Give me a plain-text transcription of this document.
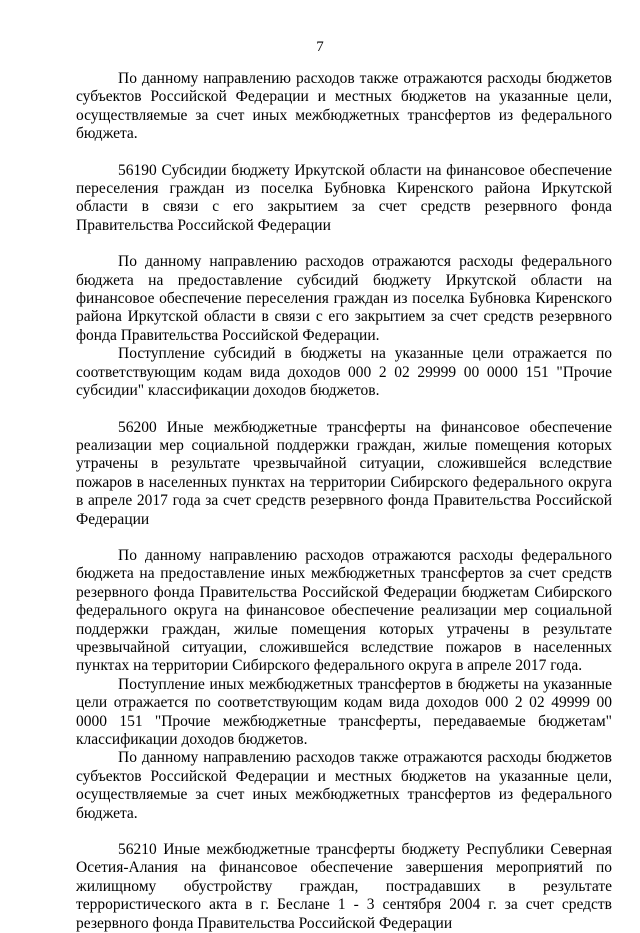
7

По данному направлению расходов также отражаются расходы бюджетов субъектов Российской Федерации и местных бюджетов на указанные цели, осуществляемые за счет иных межбюджетных трансфертов из федерального бюджета.

56190 Субсидии бюджету Иркутской области на финансовое обеспечение переселения граждан из поселка Бубновка Киренского района Иркутской области в связи с его закрытием за счет средств резервного фонда Правительства Российской Федерации

По данному направлению расходов отражаются расходы федерального бюджета на предоставление субсидий бюджету Иркутской области на финансовое обеспечение переселения граждан из поселка Бубновка Киренского района Иркутской области в связи с его закрытием за счет средств резервного фонда Правительства Российской Федерации.

Поступление субсидий в бюджеты на указанные цели отражается по соответствующим кодам вида доходов 000 2 02 29999 00 0000 151 "Прочие субсидии" классификации доходов бюджетов.

56200 Иные межбюджетные трансферты на финансовое обеспечение реализации мер социальной поддержки граждан, жилые помещения которых утрачены в результате чрезвычайной ситуации, сложившейся вследствие пожаров в населенных пунктах на территории Сибирского федерального округа в апреле 2017 года за счет средств резервного фонда Правительства Российской Федерации

По данному направлению расходов отражаются расходы федерального бюджета на предоставление иных межбюджетных трансфертов за счет средств резервного фонда Правительства Российской Федерации бюджетам Сибирского федерального округа на финансовое обеспечение реализации мер социальной поддержки граждан, жилые помещения которых утрачены в результате чрезвычайной ситуации, сложившейся вследствие пожаров в населенных пунктах на территории Сибирского федерального округа в апреле 2017 года.

Поступление иных межбюджетных трансфертов в бюджеты на указанные цели отражается по соответствующим кодам вида доходов 000 2 02 49999 00 0000 151 "Прочие межбюджетные трансферты, передаваемые бюджетам" классификации доходов бюджетов.

По данному направлению расходов также отражаются расходы бюджетов субъектов Российской Федерации и местных бюджетов на указанные цели, осуществляемые за счет иных межбюджетных трансфертов из федерального бюджета.

56210 Иные межбюджетные трансферты бюджету Республики Северная Осетия-Алания на финансовое обеспечение завершения мероприятий по жилищному обустройству граждан, пострадавших в результате террористического акта в г. Беслане 1 - 3 сентября 2004 г. за счет средств резервного фонда Правительства Российской Федерации
